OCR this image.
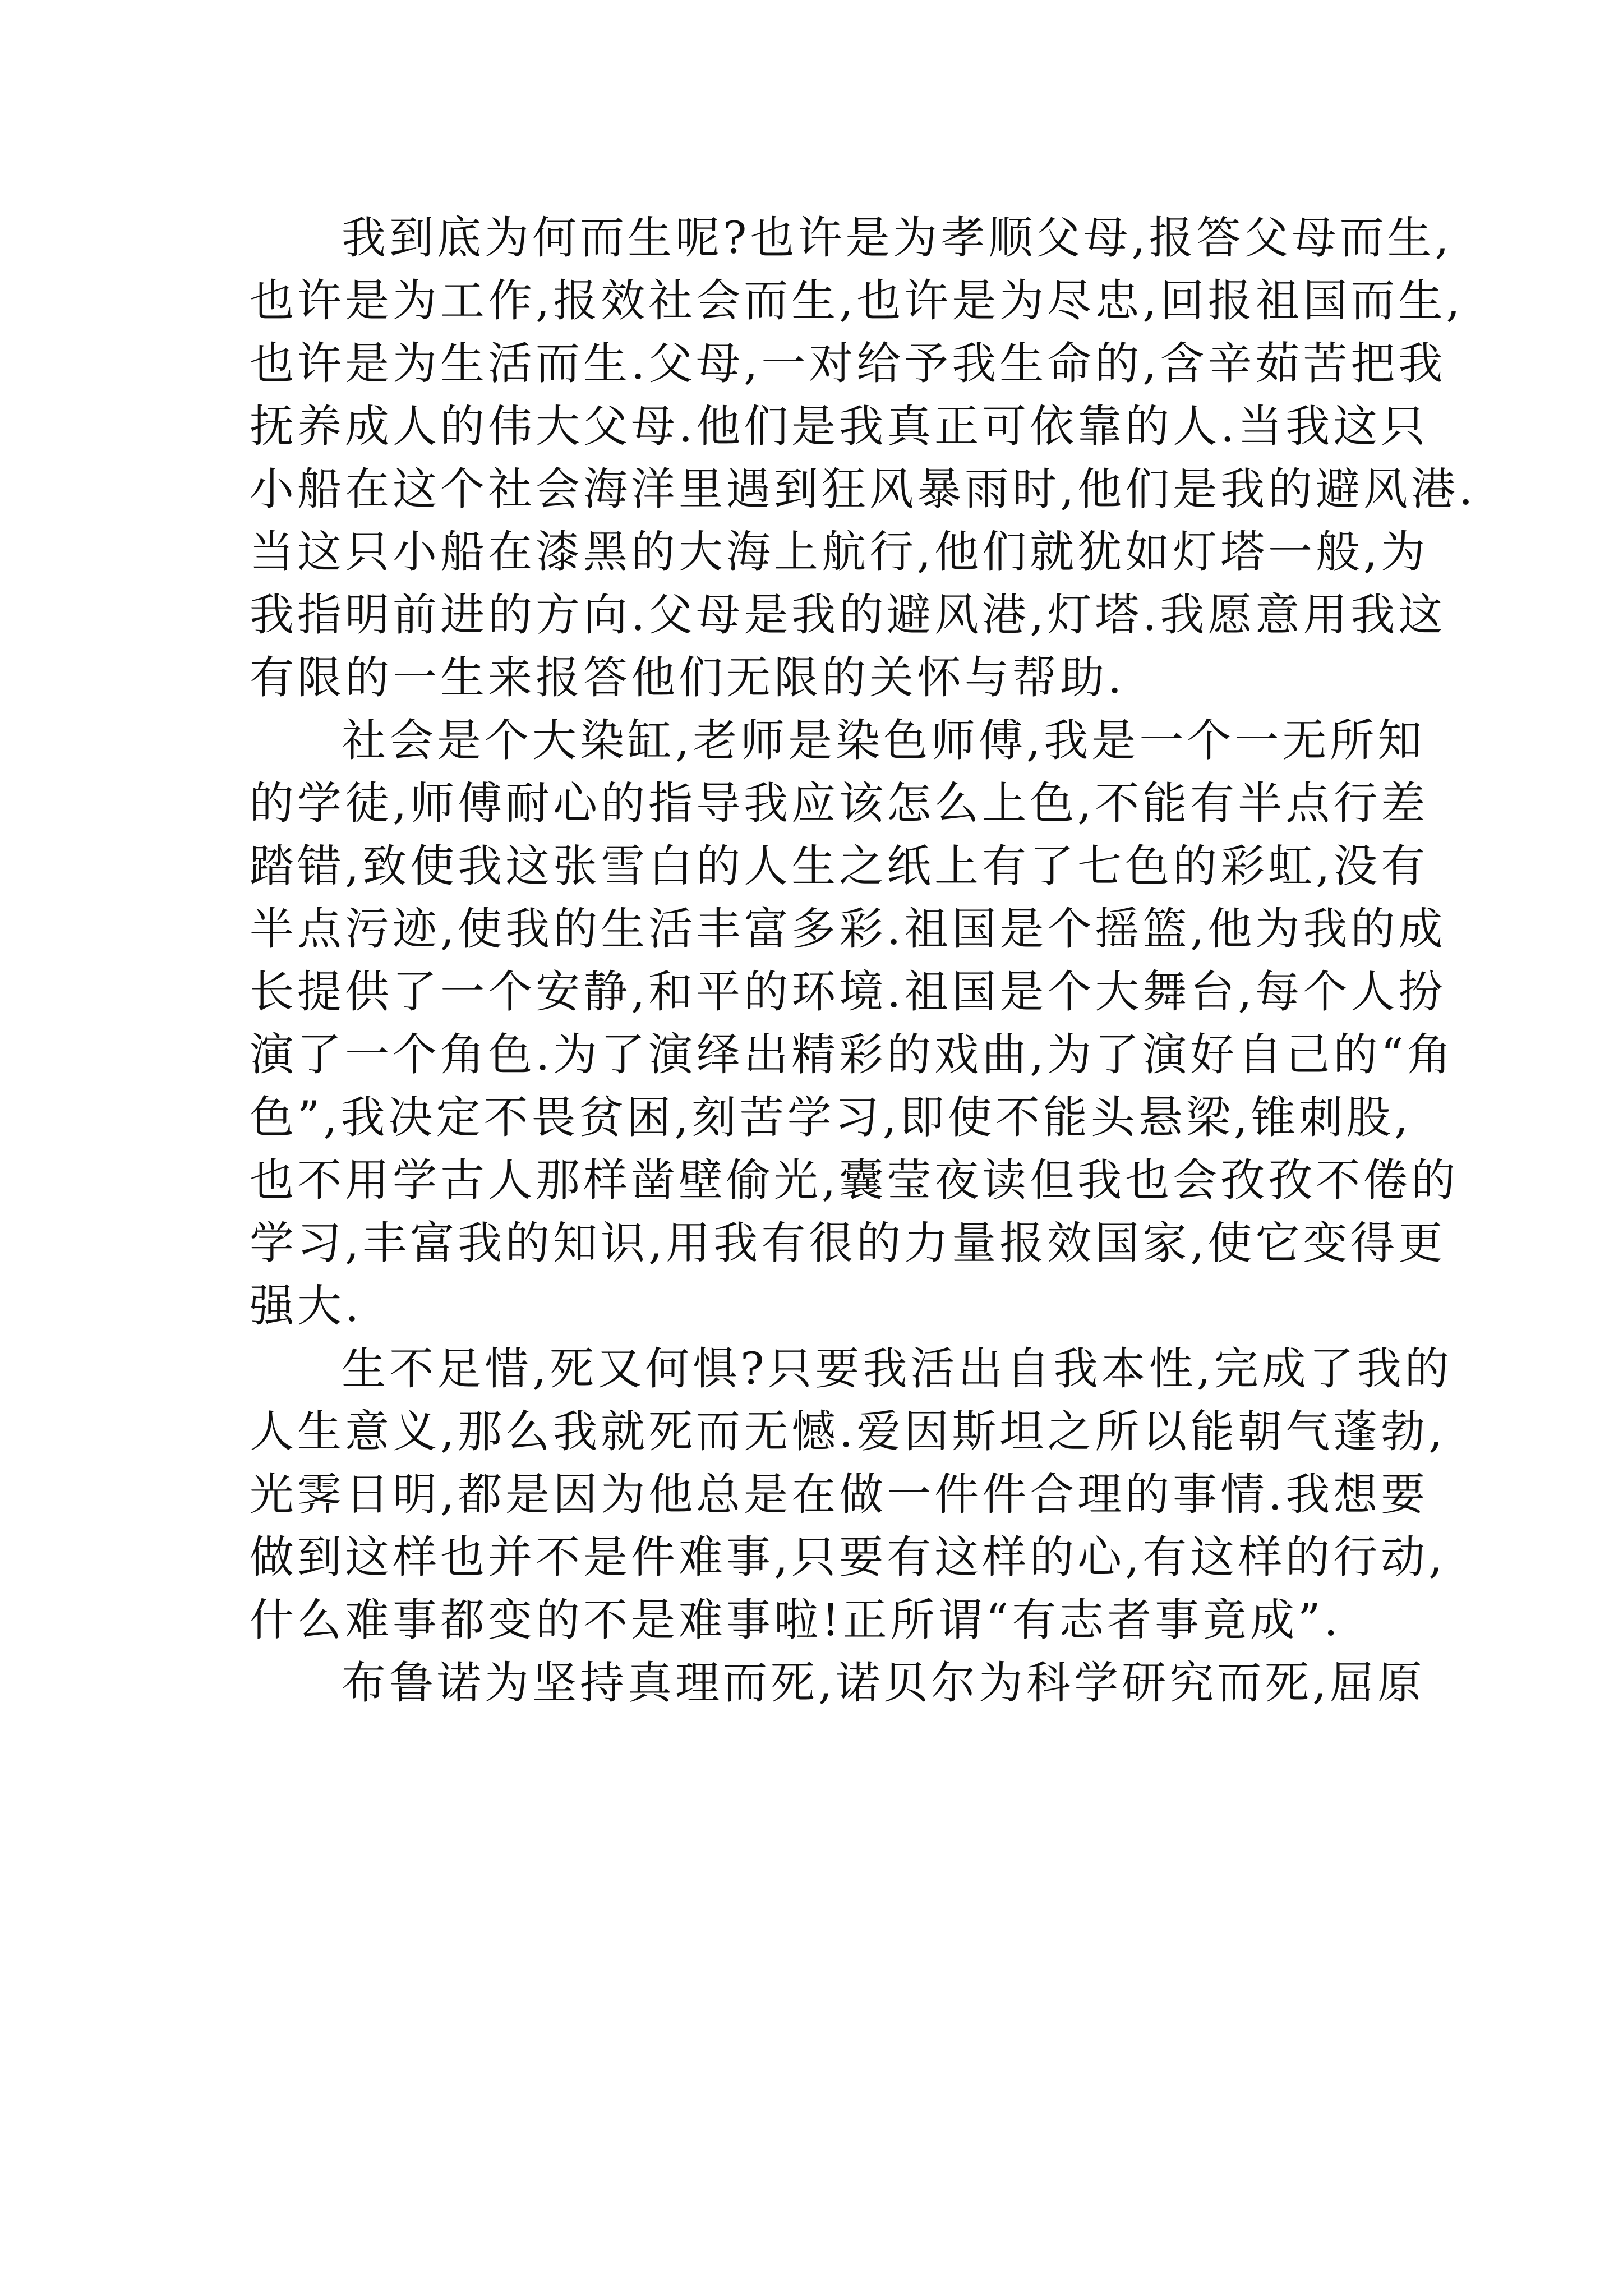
我到底为何而生呢?也许是为孝顺父母,报答父母而生,
也许是为工作,报效社会而生,也许是为尽忠,回报祖国而生,
也许是为生活而生.父母,一对给予我生命的,含辛茹苦把我
抚养成人的伟大父母.他们是我真正可依靠的人.当我这只
小船在这个社会海洋里遇到狂风暴雨时,他们是我的避风港.
当这只小船在漆黑的大海上航行,他们就犹如灯塔一般,为
我指明前进的方向.父母是我的避风港,灯塔.我愿意用我这
有限的一生来报答他们无限的关怀与帮助.
社会是个大染缸,老师是染色师傅,我是一个一无所知
的学徒,师傅耐心的指导我应该怎么上色,不能有半点行差
踏错,致使我这张雪白的人生之纸上有了七色的彩虹,没有
半点污迹,使我的生活丰富多彩.祖国是个摇篮,他为我的成
长提供了一个安静,和平的环境.祖国是个大舞台,每个人扮
演了一个角色.为了演绎出精彩的戏曲,为了演好自己的“角
色”,我决定不畏贫困,刻苦学习,即使不能头悬梁,锥刺股,
也不用学古人那样凿壁偷光,囊莹夜读但我也会孜孜不倦的
学习,丰富我的知识,用我有很的力量报效国家,使它变得更
强大.
生不足惜,死又何惧?只要我活出自我本性,完成了我的
人生意义,那么我就死而无憾.爱因斯坦之所以能朝气蓬勃,
光霁日明,都是因为他总是在做一件件合理的事情.我想要
做到这样也并不是件难事,只要有这样的心,有这样的行动,
什么难事都变的不是难事啦!正所谓“有志者事竟成”.
布鲁诺为坚持真理而死,诺贝尔为科学研究而死,屈原
